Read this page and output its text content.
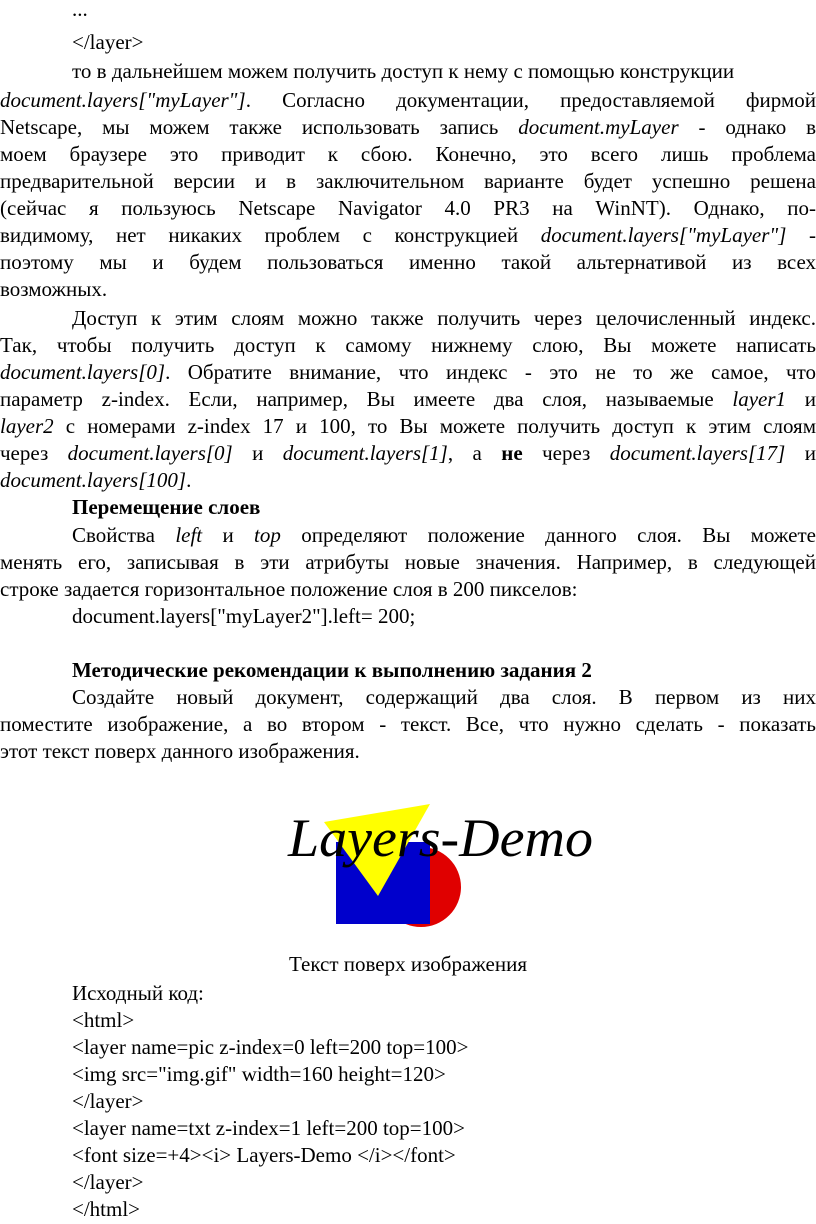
...
</layer>
то в дальнейшем можем получить доступ к нему с помощью конструкции
document.layers["myLayer"]. Согласно документации, предоставляемой фирмой
Netscape, мы можем также использовать запись document.myLayer - однако в
моем браузере это приводит к сбою. Конечно, это всего лишь проблема
предварительной версии и в заключительном варианте будет успешно решена
(сейчас я пользуюсь Netscape Navigator 4.0 PR3 на WinNT). Однако, по-
видимому, нет никаких проблем с конструкцией document.layers["myLayer"] -
поэтому мы и будем пользоваться именно такой альтернативой из всех
возможных.
Доступ к этим слоям можно также получить через целочисленный индекс.
Так, чтобы получить доступ к самому нижнему слою, Вы можете написать
document.layers[0]. Обратите внимание, что индекс - это не то же самое, что
параметр z-index. Если, например, Вы имеете два слоя, называемые layer1 и
layer2 с номерами z-index 17 и 100, то Вы можете получить доступ к этим слоям
через document.layers[0] и document.layers[1], а не через document.layers[17] и
document.layers[100].
Перемещение слоев
Свойства left и top определяют положение данного слоя. Вы можете
менять его, записывая в эти атрибуты новые значения. Например, в следующей
строке задается горизонтальное положение слоя в 200 пикселов:
document.layers["myLayer2"].left= 200;
Методические рекомендации к выполнению задания 2
Создайте новый документ, содержащий два слоя. В первом из них
поместите изображение, а во втором - текст. Все, что нужно сделать - показать
этот текст поверх данного изображения.
Layers-Demo
Текст поверх изображения
Исходный код:
<html>
<layer name=pic z-index=0 left=200 top=100>
<img src="img.gif" width=160 height=120>
</layer>
<layer name=txt z-index=1 left=200 top=100>
<font size=+4><i> Layers-Demo </i></font>
</layer>
</html>
